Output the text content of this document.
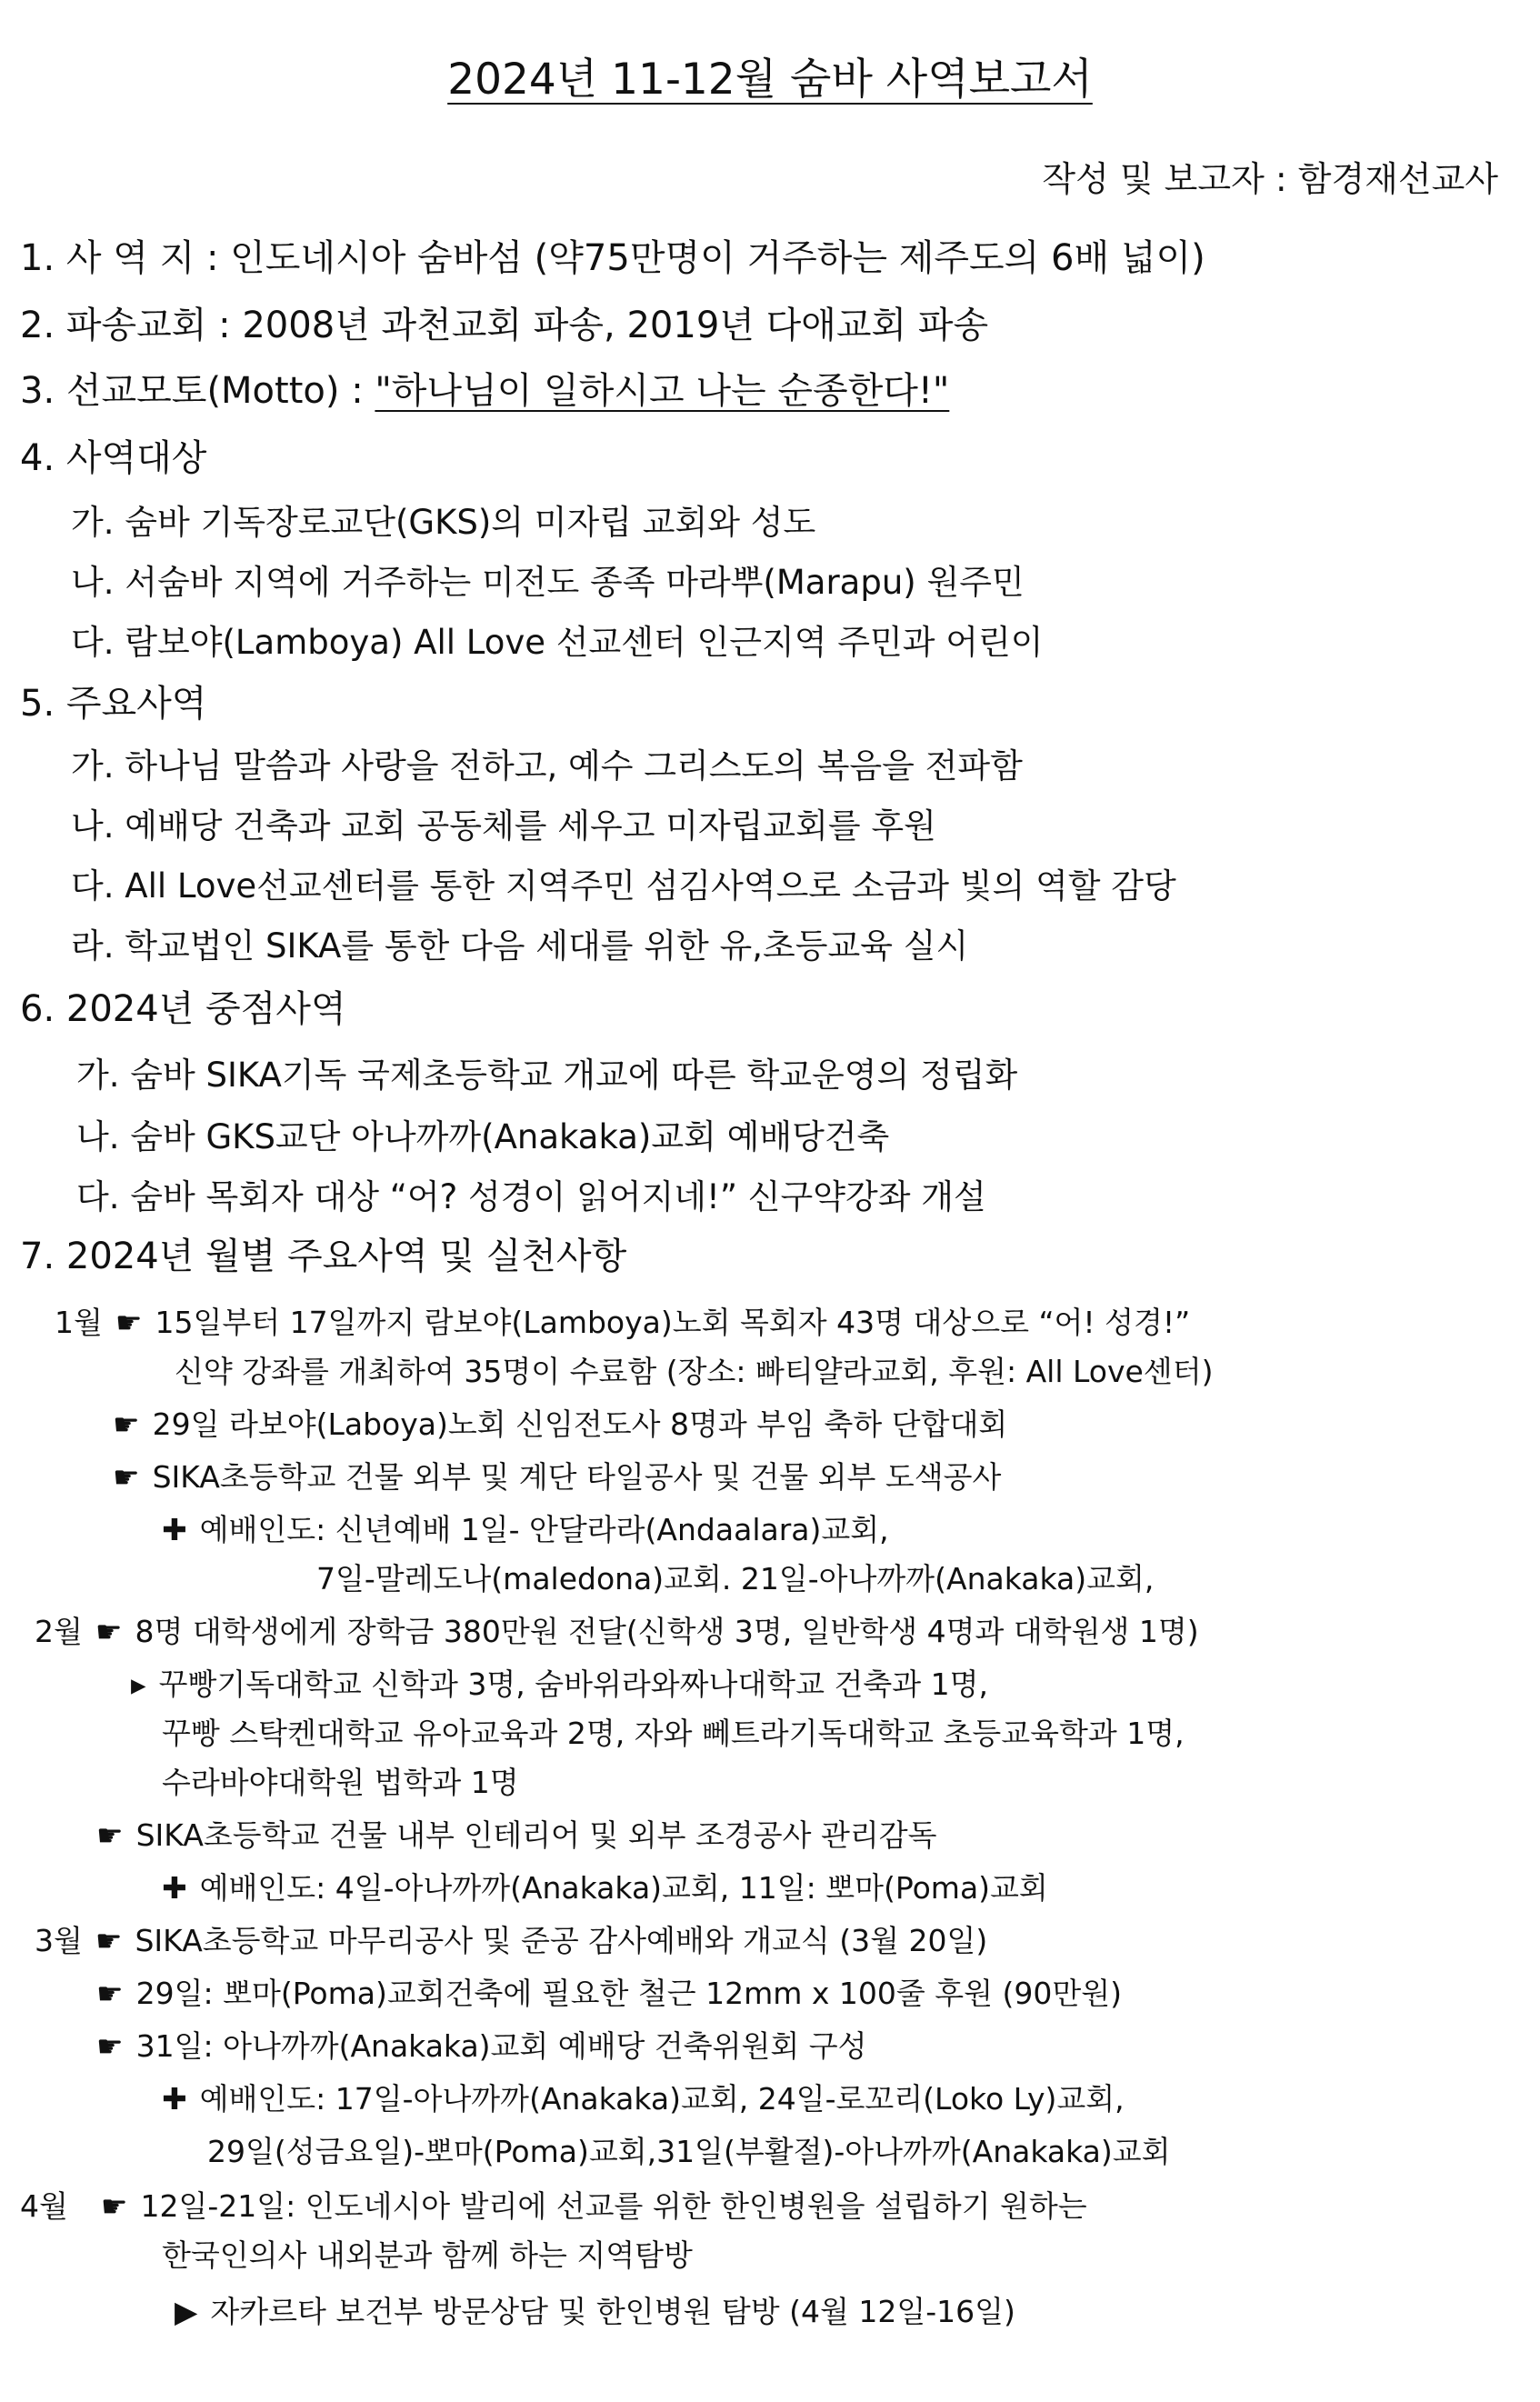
2024년 11-12월 숨바 사역보고서
작성 및 보고자 : 함경재선교사
1. 사 역 지 : 인도네시아 숨바섬 (약75만명이 거주하는 제주도의 6배 넓이)
2. 파송교회 : 2008년 과천교회 파송, 2019년 다애교회 파송
3. 선교모토(Motto) : "하나님이 일하시고 나는 순종한다!"
4. 사역대상
가. 숨바 기독장로교단(GKS)의 미자립 교회와 성도
나. 서숨바 지역에 거주하는 미전도 종족 마라뿌(Marapu) 원주민
다. 람보야(Lamboya) All Love 선교센터 인근지역 주민과 어린이
5. 주요사역
가. 하나님 말씀과 사랑을 전하고, 예수 그리스도의 복음을 전파함
나. 예배당 건축과 교회 공동체를 세우고 미자립교회를 후원
다. All Love선교센터를 통한 지역주민 섬김사역으로 소금과 빛의 역할 감당
라. 학교법인 SIKA를 통한 다음 세대를 위한 유,초등교육 실시
6. 2024년 중점사역
가. 숨바 SIKA기독 국제초등학교 개교에 따른 학교운영의 정립화
나. 숨바 GKS교단 아나까까(Anakaka)교회 예배당건축
다. 숨바 목회자 대상 “어? 성경이 읽어지네!” 신구약강좌 개설
7. 2024년 월별 주요사역 및 실천사항
1월 ☛ 15일부터 17일까지 람보야(Lamboya)노회 목회자 43명 대상으로 “어! 성경!”
신약 강좌를 개최하여 35명이 수료함 (장소: 빠티얄라교회, 후원: All Love센터)
☛ 29일 라보야(Laboya)노회 신임전도사 8명과 부임 축하 단합대회
☛ SIKA초등학교 건물 외부 및 계단 타일공사 및 건물 외부 도색공사
✚ 예배인도: 신년예배 1일- 안달라라(Andaalara)교회,
7일-말레도나(maledona)교회. 21일-아나까까(Anakaka)교회,
2월 ☛ 8명 대학생에게 장학금 380만원 전달(신학생 3명, 일반학생 4명과 대학원생 1명)
▸ 꾸빵기독대학교 신학과 3명, 숨바위라와짜나대학교 건축과 1명,
꾸빵 스탁켄대학교 유아교육과 2명, 자와 뻬트라기독대학교 초등교육학과 1명,
수라바야대학원 법학과 1명
☛ SIKA초등학교 건물 내부 인테리어 및 외부 조경공사 관리감독
✚ 예배인도: 4일-아나까까(Anakaka)교회, 11일: 뽀마(Poma)교회
3월 ☛ SIKA초등학교 마무리공사 및 준공 감사예배와 개교식 (3월 20일)
☛ 29일: 뽀마(Poma)교회건축에 필요한 철근 12mm x 100줄 후원 (90만원)
☛ 31일: 아나까까(Anakaka)교회 예배당 건축위원회 구성
✚ 예배인도: 17일-아나까까(Anakaka)교회, 24일-로꼬리(Loko Ly)교회,
29일(성금요일)-뽀마(Poma)교회,31일(부활절)-아나까까(Anakaka)교회
4월 ☛ 12일-21일: 인도네시아 발리에 선교를 위한 한인병원을 설립하기 원하는
한국인의사 내외분과 함께 하는 지역탐방
▶ 자카르타 보건부 방문상담 및 한인병원 탐방 (4월 12일-16일)
